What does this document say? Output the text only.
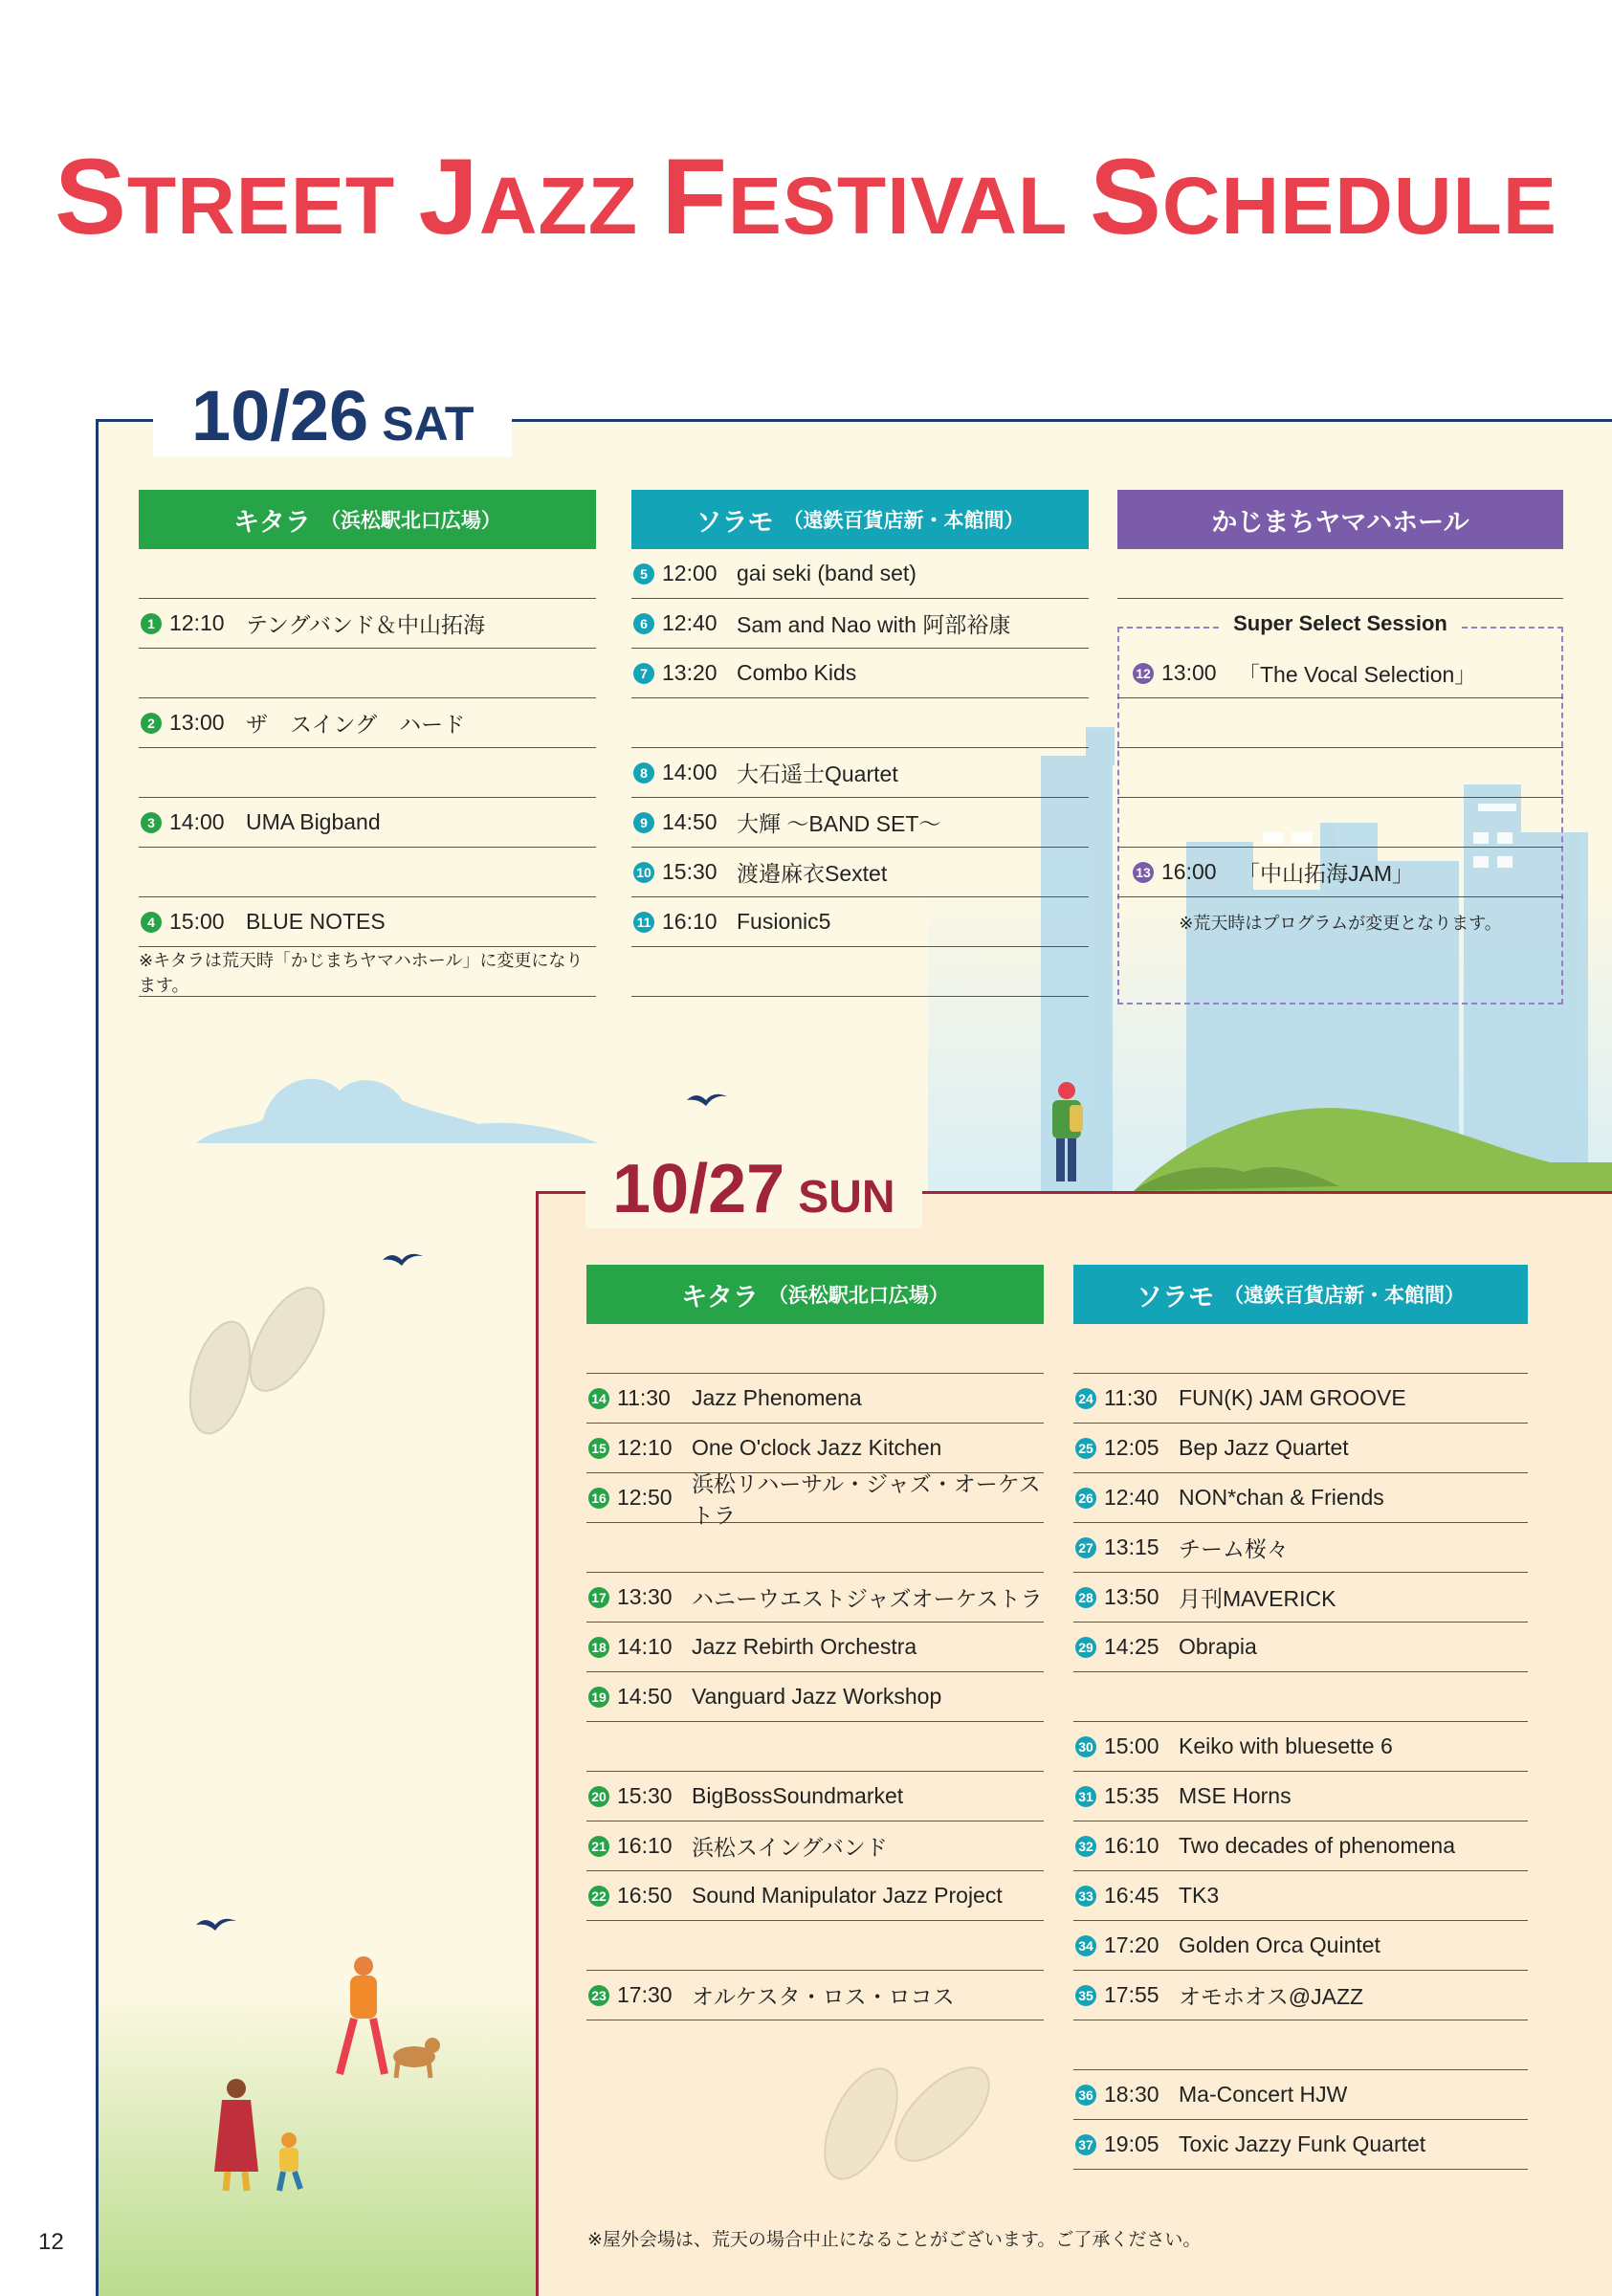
STREET JAZZ FESTIVAL SCHEDULE
10/26 SAT
キタラ （浜松駅北口広場）
1 12:10 テングバンド＆中山拓海
2 13:00 ザ　スイング　ハード
3 14:00 UMA Bigband
4 15:00 BLUE NOTES
※キタラは荒天時「かじまちヤマハホール」に変更になります。
ソラモ （遠鉄百貨店新・本館間）
5 12:00 gai seki (band set)
6 12:40 Sam and Nao with 阿部裕康
7 13:20 Combo Kids
8 14:00 大石遥士Quartet
9 14:50 大輝 〜BAND SET〜
10 15:30 渡邉麻衣Sextet
11 16:10 Fusionic5
かじまちヤマハホール
Super Select Session
12 13:00 「The Vocal Selection」
13 16:00 「中山拓海JAM」
※荒天時はプログラムが変更となります。
10/27 SUN
キタラ （浜松駅北口広場）
14 11:30 Jazz Phenomena
15 12:10 One O'clock Jazz Kitchen
16 12:50
浜松リハーサル・ジャズ・オーケストラ
17 13:30 ハニーウエストジャズオーケストラ
18 14:10 Jazz Rebirth Orchestra
19 14:50 Vanguard Jazz Workshop
20 15:30 BigBossSoundmarket
21 16:10 浜松スイングバンド
22 16:50 Sound Manipulator Jazz Project
23 17:30 オルケスタ・ロス・ロコス
ソラモ （遠鉄百貨店新・本館間）
24 11:30 FUN(K) JAM GROOVE
25 12:05 Bep Jazz Quartet
26 12:40 NON*chan & Friends
27 13:15 チーム桜々
28 13:50 月刊MAVERICK
29 14:25 Obrapia
30 15:00 Keiko with bluesette 6
31 15:35 MSE Horns
32 16:10 Two decades of phenomena
33 16:45 TK3
34 17:20 Golden Orca Quintet
35 17:55 オモホオス@JAZZ
36 18:30 Ma-Concert HJW
37 19:05 Toxic Jazzy Funk Quartet
※屋外会場は、荒天の場合中止になることがございます。ご了承ください。
12
